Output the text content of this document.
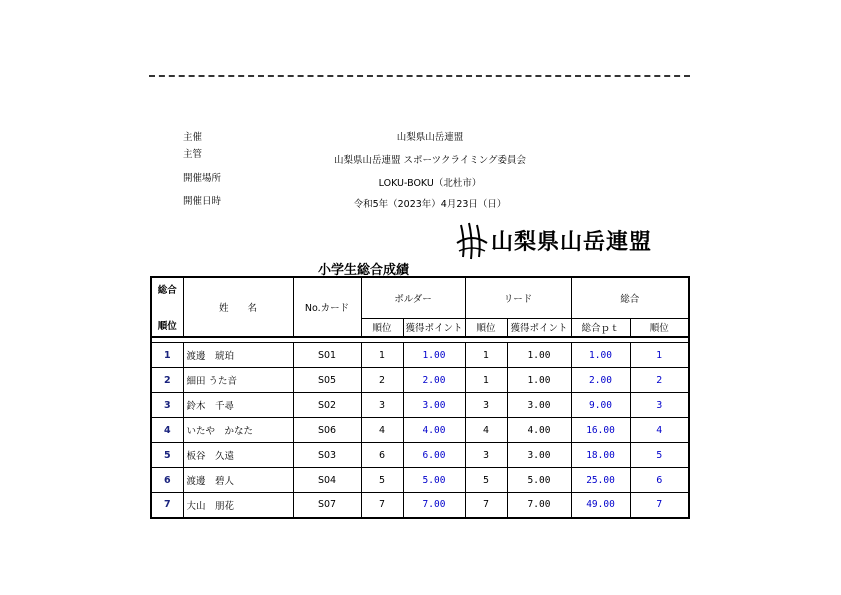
主催	山梨県山岳連盟
主管
山梨県山岳連盟 スポーツクライミング委員会
開催場所	LOKU-BOKU（北杜市）
開催日時	令和5年（2023年）4月23日（日）
山梨県山岳連盟
小学生総合成績
総合
順位	姓　　名	No.カード	ボルダー		リード		総合	
			順位	獲得ポイント	順位	獲得ポイント	総合ｐｔ	順位

1	渡邊　琥珀	S01	1	1.00	1	1.00	1.00	1
2	細田 うた音	S05	2	2.00	1	1.00	2.00	2
3	鈴木　千尋	S02	3	3.00	3	3.00	9.00	3
4	いたや　かなた	S06	4	4.00	4	4.00	16.00	4
5	板谷　久遠	S03	6	6.00	3	3.00	18.00	5
6	渡邊　碧人	S04	5	5.00	5	5.00	25.00	6
7	大山　朋花	S07	7	7.00	7	7.00	49.00	7
